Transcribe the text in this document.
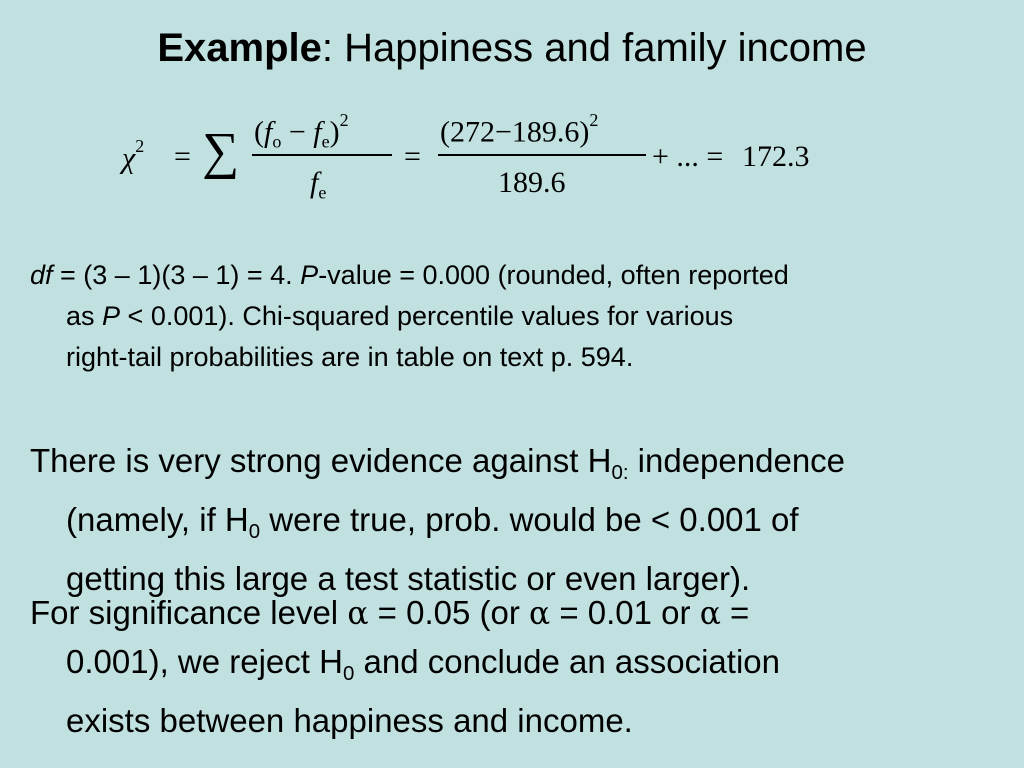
Example: Happiness and family income
$\chi^2$ = ∑ $(f_o - f_e)^2$
$f_e$
=
$(272-189.6)^2$
189.6
+ ... = 172.3
df = (3 – 1)(3 – 1) = 4. P-value = 0.000 (rounded, often reported
as P < 0.001). Chi-squared percentile values for various
right-tail probabilities are in table on text p. 594.
There is very strong evidence against $H_{0:}$ independence
(namely, if $H_0$ were true, prob. would be < 0.001 of
getting this large a test statistic or even larger).
For significance level α = 0.05 (or α = 0.01 or α =
0.001), we reject $H_0$ and conclude an association
exists between happiness and income.
